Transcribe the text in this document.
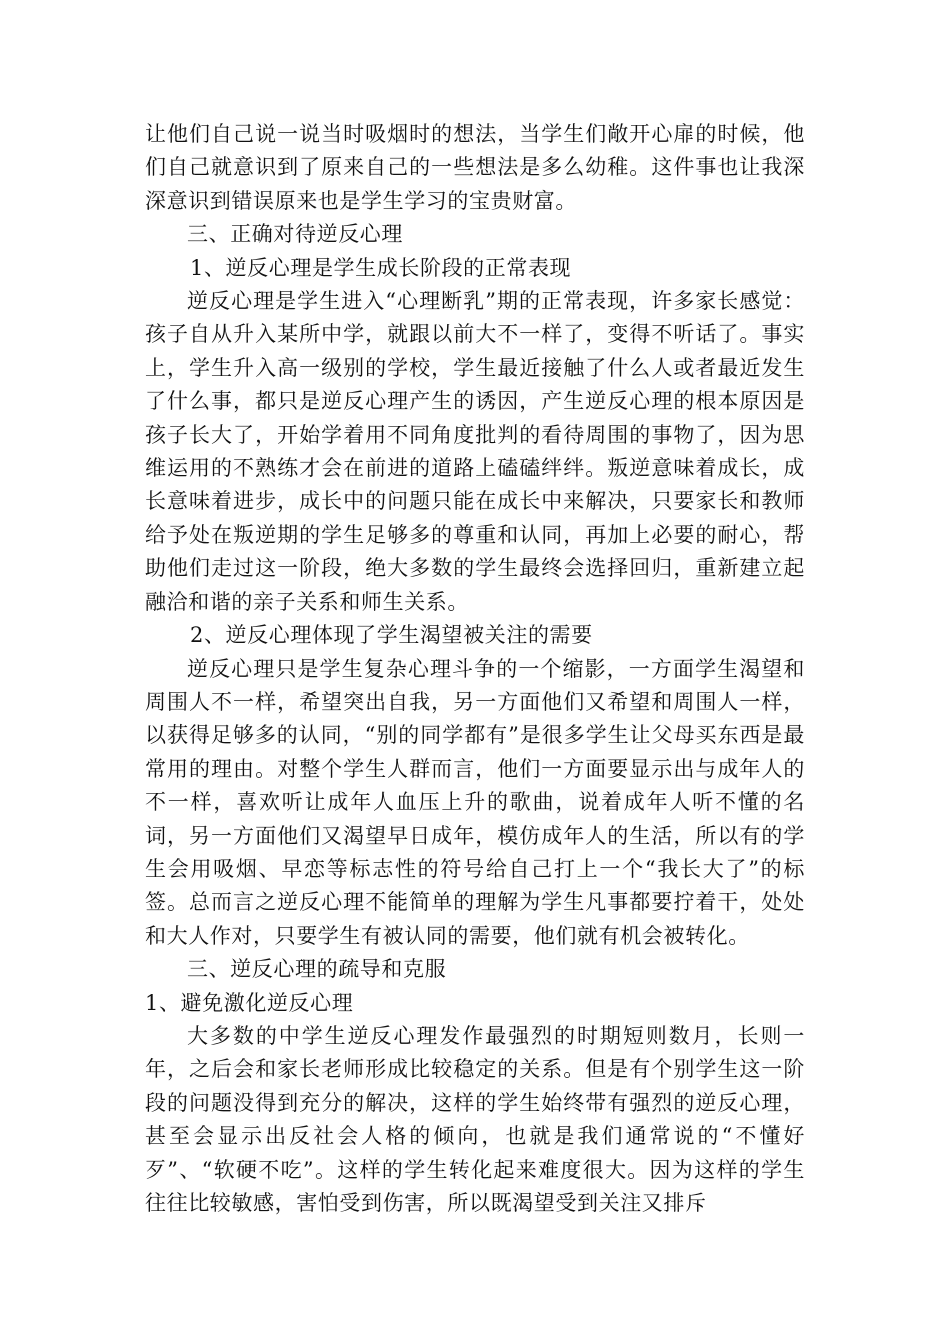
让他们自己说一说当时吸烟时的想法，当学生们敞开心扉的时候，他们自己就意识到了原来自己的一些想法是多么幼稚。这件事也让我深深意识到错误原来也是学生学习的宝贵财富。

三、正确对待逆反心理

1、逆反心理是学生成长阶段的正常表现

逆反心理是学生进入“心理断乳”期的正常表现，许多家长感觉：孩子自从升入某所中学，就跟以前大不一样了，变得不听话了。事实上，学生升入高一级别的学校，学生最近接触了什么人或者最近发生了什么事，都只是逆反心理产生的诱因，产生逆反心理的根本原因是孩子长大了，开始学着用不同角度批判的看待周围的事物了，因为思维运用的不熟练才会在前进的道路上磕磕绊绊。叛逆意味着成长，成长意味着进步，成长中的问题只能在成长中来解决，只要家长和教师给予处在叛逆期的学生足够多的尊重和认同，再加上必要的耐心，帮助他们走过这一阶段，绝大多数的学生最终会选择回归，重新建立起融洽和谐的亲子关系和师生关系。

2、逆反心理体现了学生渴望被关注的需要

逆反心理只是学生复杂心理斗争的一个缩影，一方面学生渴望和周围人不一样，希望突出自我，另一方面他们又希望和周围人一样，以获得足够多的认同，“别的同学都有”是很多学生让父母买东西是最常用的理由。对整个学生人群而言，他们一方面要显示出与成年人的不一样，喜欢听让成年人血压上升的歌曲，说着成年人听不懂的名词，另一方面他们又渴望早日成年，模仿成年人的生活，所以有的学生会用吸烟、早恋等标志性的符号给自己打上一个“我长大了”的标签。总而言之逆反心理不能简单的理解为学生凡事都要拧着干，处处和大人作对，只要学生有被认同的需要，他们就有机会被转化。

三、逆反心理的疏导和克服

1、避免激化逆反心理

大多数的中学生逆反心理发作最强烈的时期短则数月，长则一年，之后会和家长老师形成比较稳定的关系。但是有个别学生这一阶段的问题没得到充分的解决，这样的学生始终带有强烈的逆反心理，甚至会显示出反社会人格的倾向，也就是我们通常说的“不懂好歹”、“软硬不吃”。这样的学生转化起来难度很大。因为这样的学生往往比较敏感，害怕受到伤害，所以既渴望受到关注又排斥
